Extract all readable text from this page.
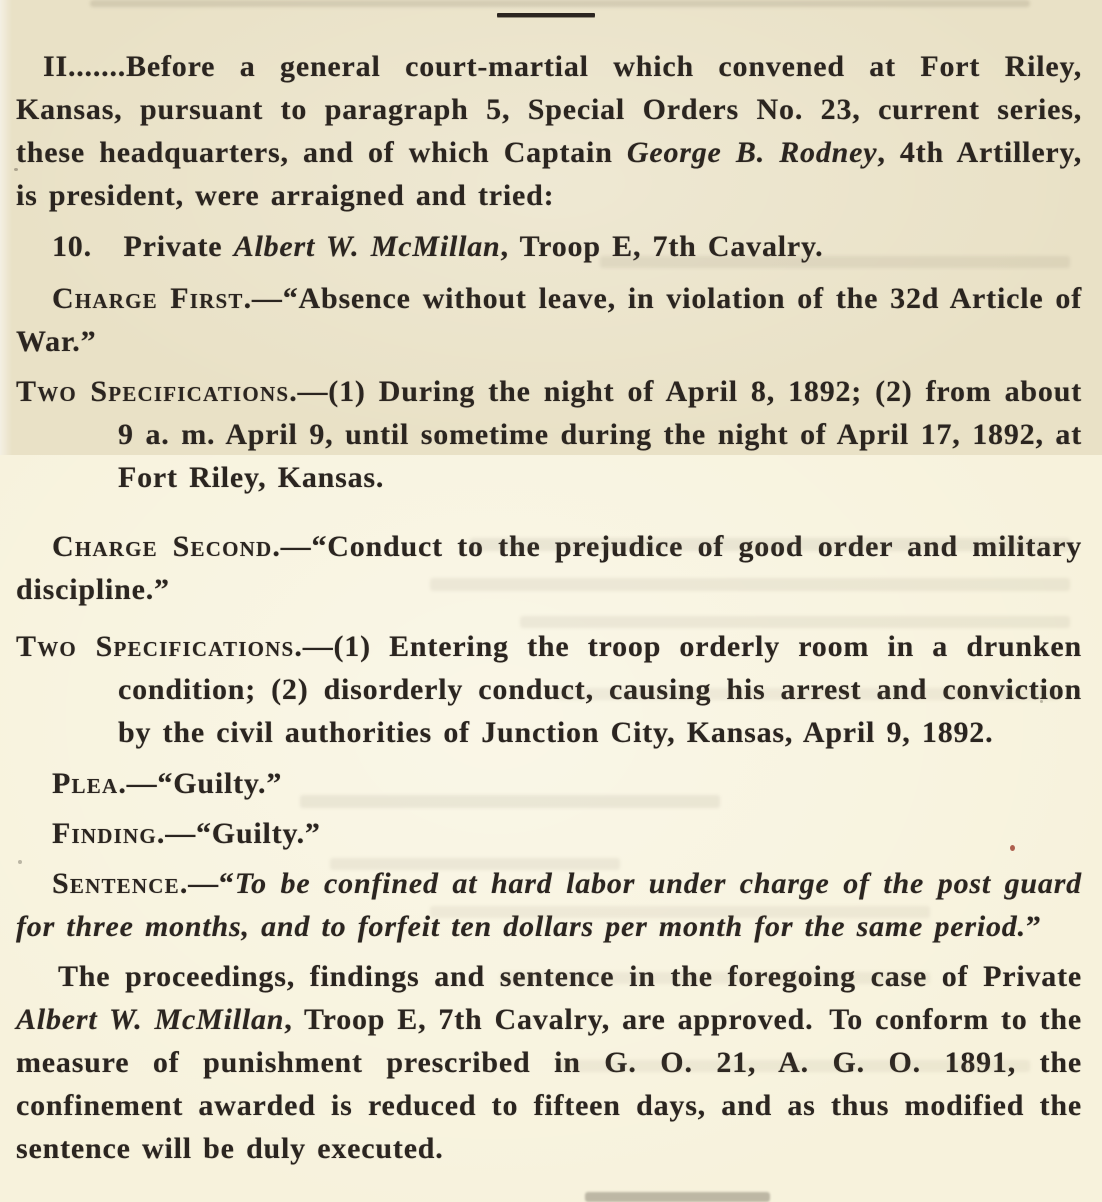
II.......Before a general court-martial which convened at Fort Riley, Kansas, pursuant to paragraph 5, Special Orders No. 23, current series, these headquarters, and of which Captain George B. Rodney, 4th Artillery, is president, were arraigned and tried:

10.  Private Albert W. McMillan, Troop E, 7th Cavalry.

Charge First.—“Absence without leave, in violation of the 32d Article of War.”

Two Specifications.—(1) During the night of April 8, 1892; (2) from about 9 a. m. April 9, until sometime during the night of April 17, 1892, at Fort Riley, Kansas.

Charge Second.—“Conduct to the prejudice of good order and military discipline.”

Two Specifications.—(1) Entering the troop orderly room in a drunken condition; (2) disorderly conduct, causing his arrest and conviction by the civil authorities of Junction City, Kansas, April 9, 1892.

Plea.—“Guilty.”

Finding.—“Guilty.”

Sentence.—“To be confined at hard labor under charge of the post guard for three months, and to forfeit ten dollars per month for the same period.”

The proceedings, findings and sentence in the foregoing case of Private Albert W. McMillan, Troop E, 7th Cavalry, are approved. To conform to the measure of punishment prescribed in G. O. 21, A. G. O. 1891, the confinement awarded is reduced to fifteen days, and as thus modified the sentence will be duly executed.
